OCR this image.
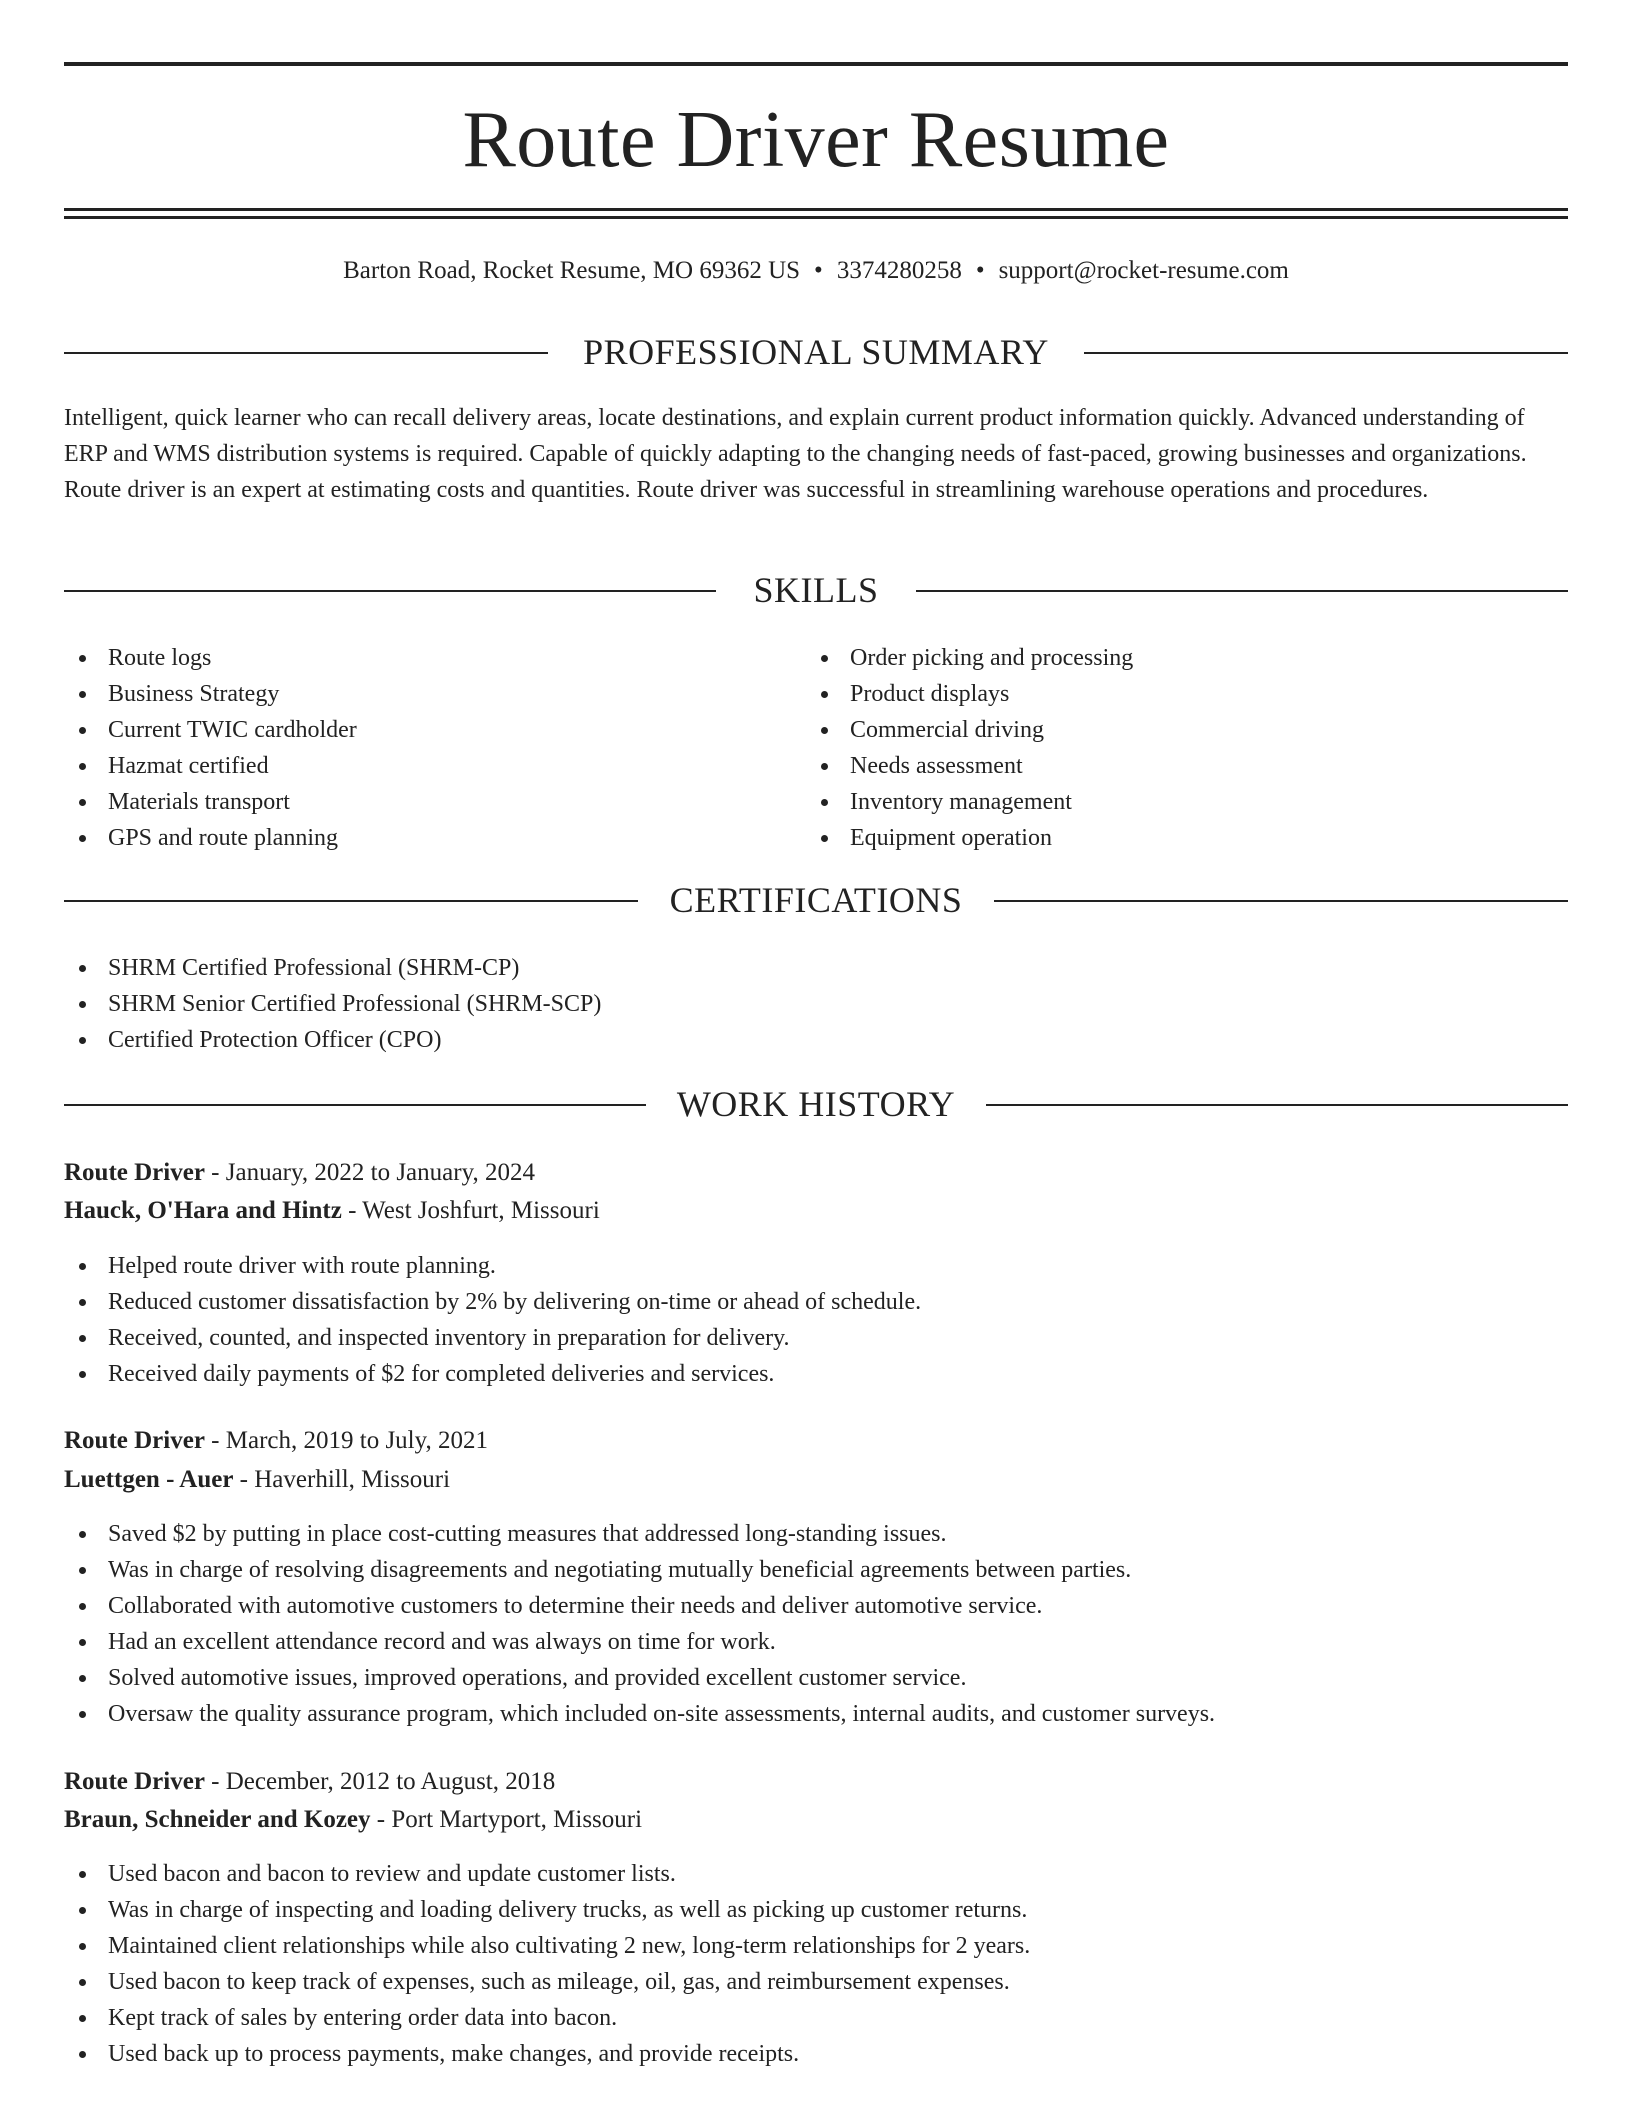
Route Driver Resume
Barton Road, Rocket Resume, MO 69362 US • 3374280258 • support@rocket-resume.com
PROFESSIONAL SUMMARY

Intelligent, quick learner who can recall delivery areas, locate destinations, and explain current product information quickly. Advanced understanding of ERP and WMS distribution systems is required. Capable of quickly adapting to the changing needs of fast-paced, growing businesses and organizations. Route driver is an expert at estimating costs and quantities. Route driver was successful in streamlining warehouse operations and procedures.

SKILLS
Route logs
Business Strategy
Current TWIC cardholder
Hazmat certified
Materials transport
GPS and route planning
Order picking and processing
Product displays
Commercial driving
Needs assessment
Inventory management
Equipment operation
CERTIFICATIONS
SHRM Certified Professional (SHRM-CP)
SHRM Senior Certified Professional (SHRM-SCP)
Certified Protection Officer (CPO)
WORK HISTORY
Route Driver - January, 2022 to January, 2024
Hauck, O'Hara and Hintz - West Joshfurt, Missouri
Helped route driver with route planning.
Reduced customer dissatisfaction by 2% by delivering on-time or ahead of schedule.
Received, counted, and inspected inventory in preparation for delivery.
Received daily payments of $2 for completed deliveries and services.
Route Driver - March, 2019 to July, 2021
Luettgen - Auer - Haverhill, Missouri
Saved $2 by putting in place cost-cutting measures that addressed long-standing issues.
Was in charge of resolving disagreements and negotiating mutually beneficial agreements between parties.
Collaborated with automotive customers to determine their needs and deliver automotive service.
Had an excellent attendance record and was always on time for work.
Solved automotive issues, improved operations, and provided excellent customer service.
Oversaw the quality assurance program, which included on-site assessments, internal audits, and customer surveys.
Route Driver - December, 2012 to August, 2018
Braun, Schneider and Kozey - Port Martyport, Missouri
Used bacon and bacon to review and update customer lists.
Was in charge of inspecting and loading delivery trucks, as well as picking up customer returns.
Maintained client relationships while also cultivating 2 new, long-term relationships for 2 years.
Used bacon to keep track of expenses, such as mileage, oil, gas, and reimbursement expenses.
Kept track of sales by entering order data into bacon.
Used back up to process payments, make changes, and provide receipts.
